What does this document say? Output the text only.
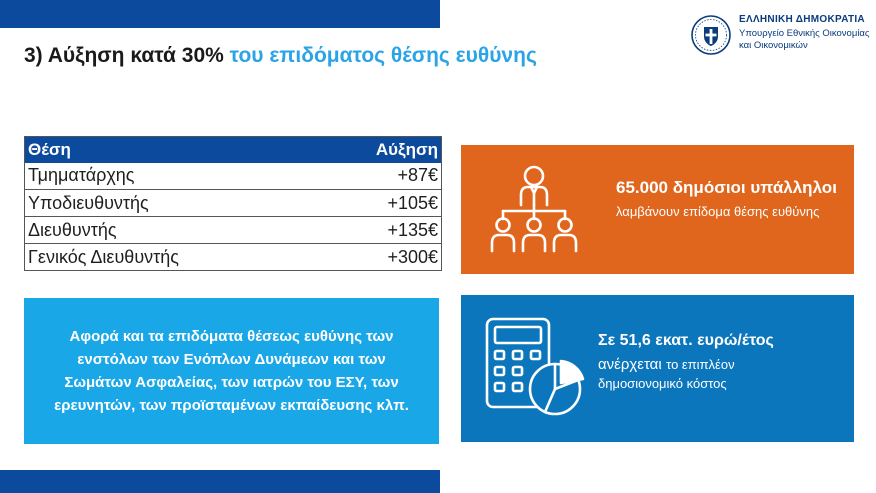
3) Αύξηση κατά 30% του επιδόματος θέσης ευθύνης
ΕΛΛΗΝΙΚΗ ΔΗΜΟΚΡΑΤΙΑ
Υπουργείο Εθνικής Οικονομίας
και Οικονομικών
Θέση	Αύξηση
Τμηματάρχης	+87€
Υποδιευθυντής	+105€
Διευθυντής	+135€
Γενικός Διευθυντής	+300€

Αφορά και τα επιδόματα θέσεως ευθύνης των ενστόλων των Ενόπλων Δυνάμεων και των Σωμάτων Ασφαλείας, των ιατρών του ΕΣΥ, των ερευνητών, των προϊσταμένων εκπαίδευσης κλπ.

65.000 δημόσιοι υπάλληλοι
λαμβάνουν επίδομα θέσης ευθύνης
Σε 51,6 εκατ. ευρώ/έτος
ανέρχεται το επιπλέον
δημοσιονομικό κόστος
